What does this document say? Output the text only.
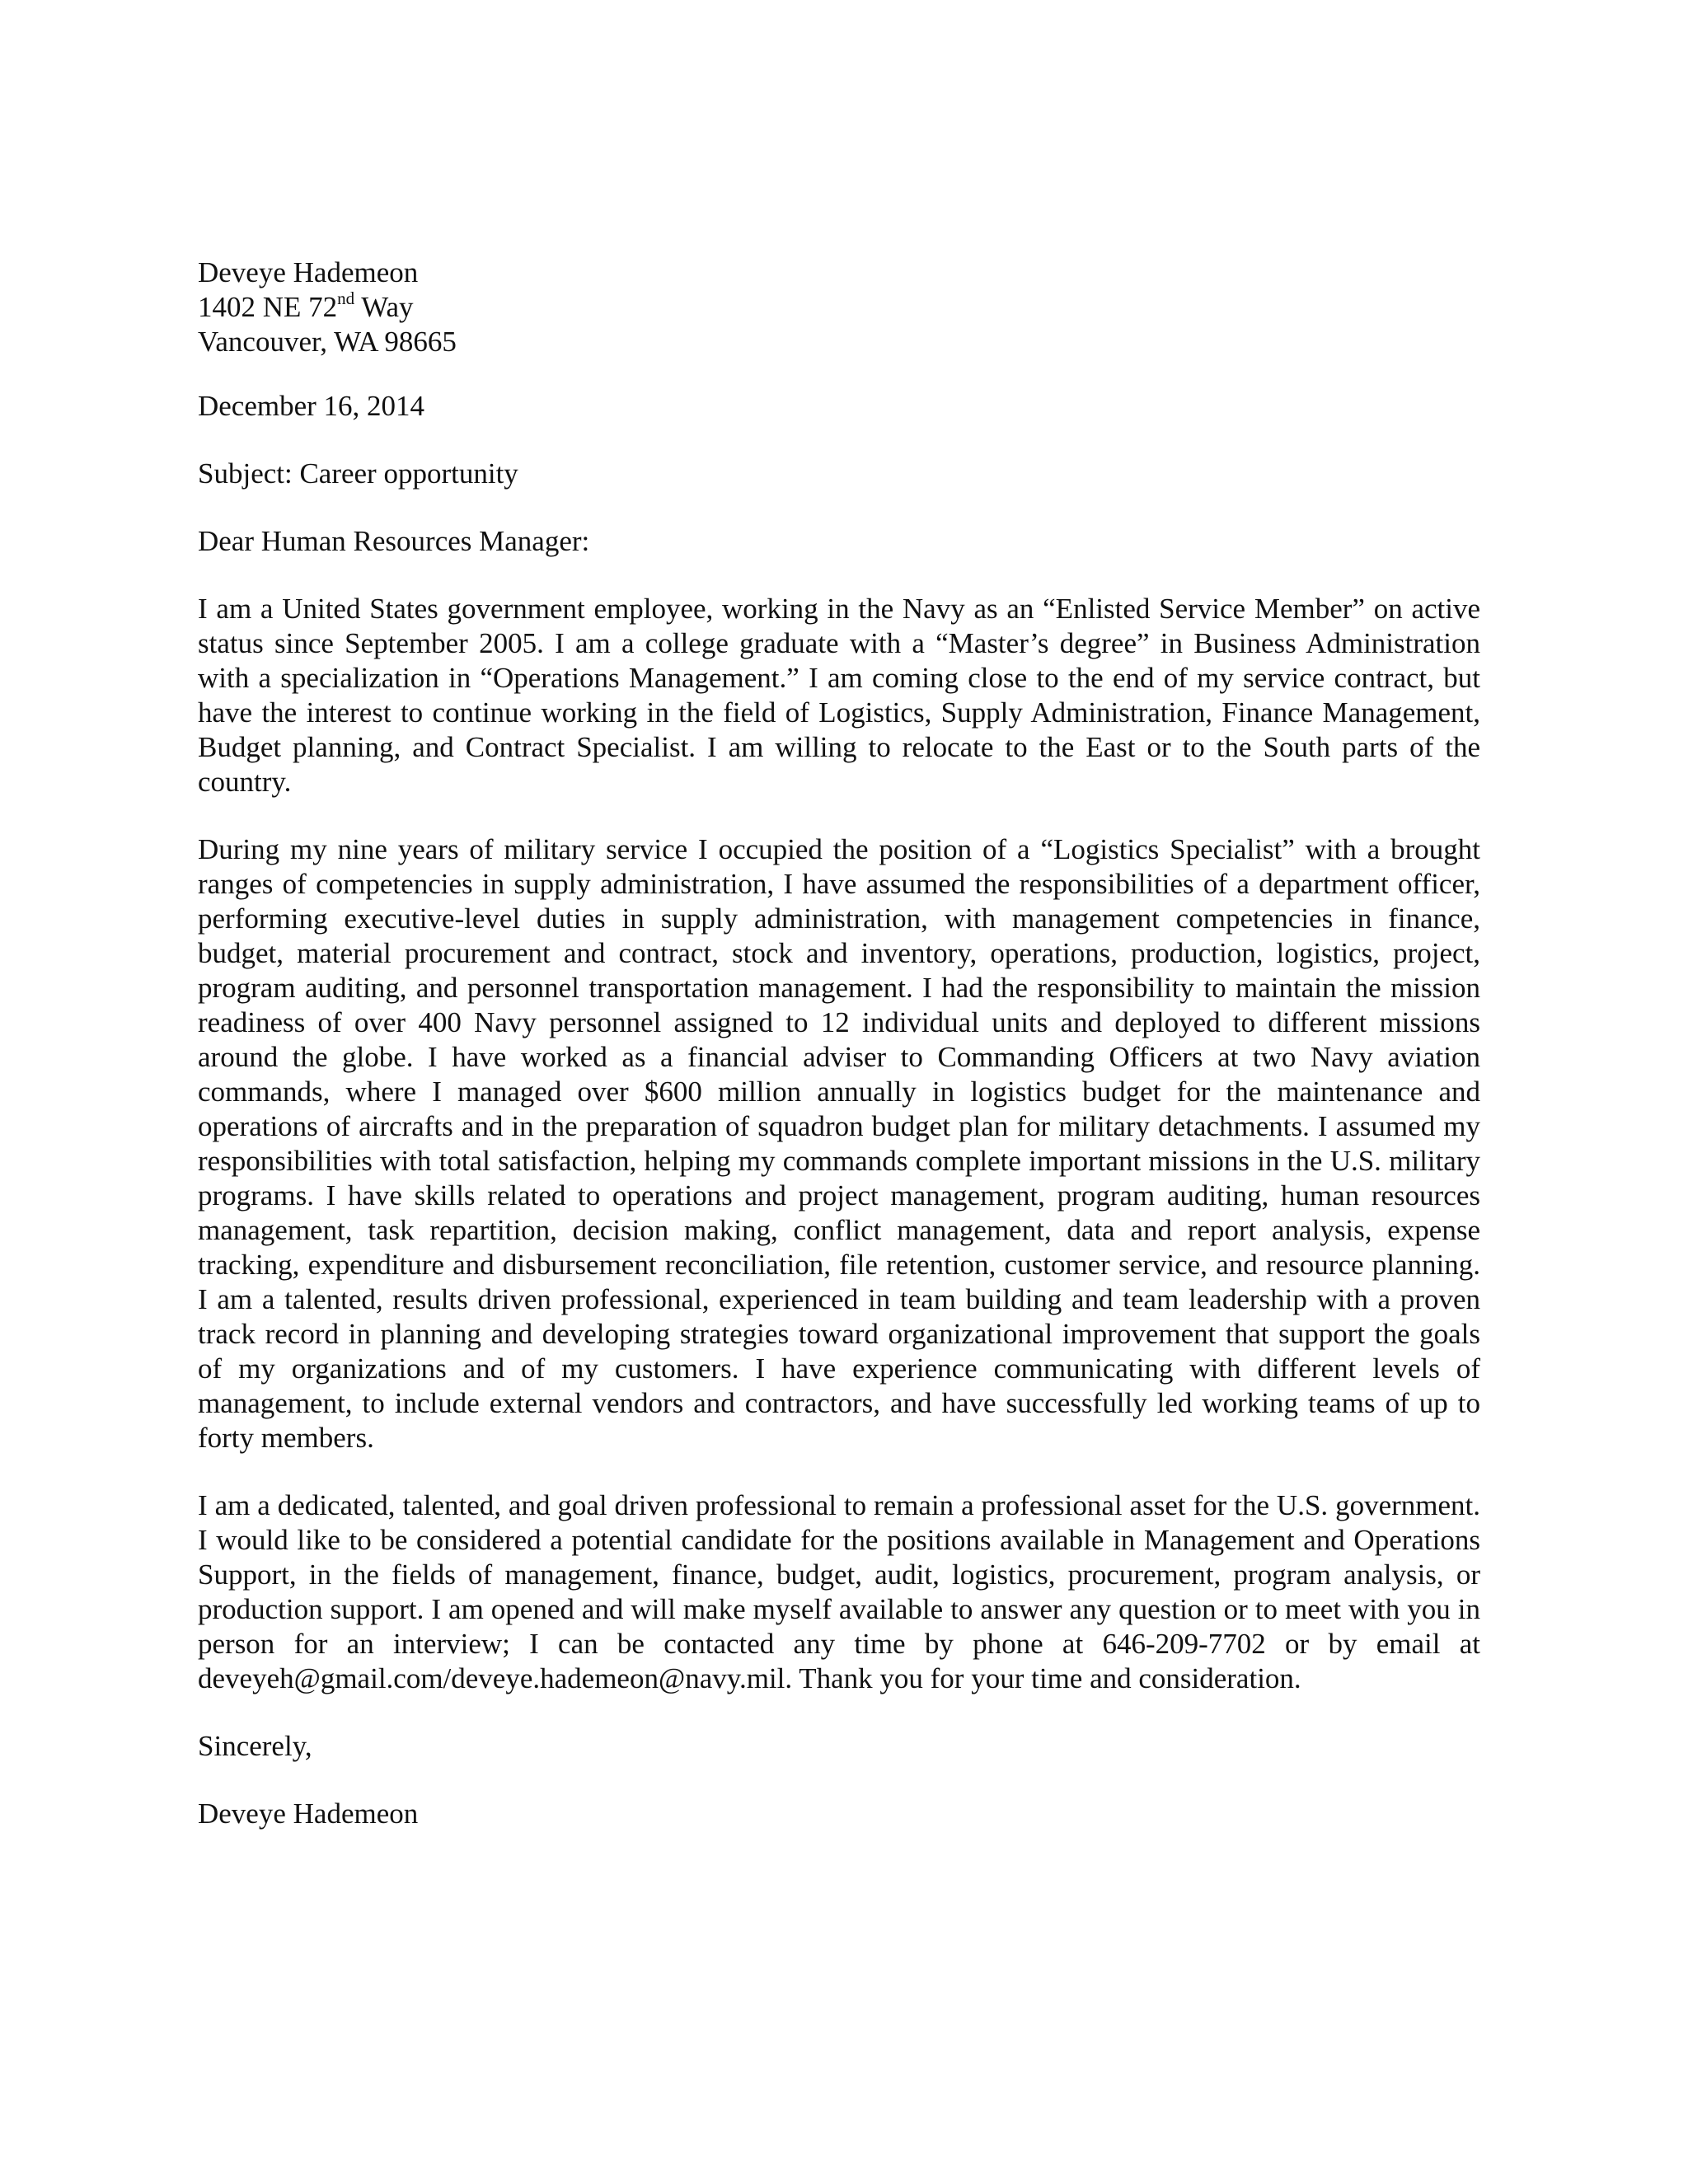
Deveye Hademeon
1402 NE 72nd Way
Vancouver, WA 98665
December 16, 2014
Subject: Career opportunity
Dear Human Resources Manager:

I am a United States government employee, working in the Navy as an “Enlisted Service Member” on active status since September 2005. I am a college graduate with a “Master’s degree” in Business Administration with a specialization in “Operations Management.” I am coming close to the end of my service contract, but have the interest to continue working in the field of Logistics, Supply Administration, Finance Management, Budget planning, and Contract Specialist. I am willing to relocate to the East or to the South parts of the country.

During my nine years of military service I occupied the position of a “Logistics Specialist” with a brought ranges of competencies in supply administration, I have assumed the responsibilities of a department officer, performing executive-level duties in supply administration, with management competencies in finance, budget, material procurement and contract, stock and inventory, operations, production, logistics, project, program auditing, and personnel transportation management. I had the responsibility to maintain the mission readiness of over 400 Navy personnel assigned to 12 individual units and deployed to different missions around the globe. I have worked as a financial adviser to Commanding Officers at two Navy aviation commands, where I managed over $600 million annually in logistics budget for the maintenance and operations of aircrafts and in the preparation of squadron budget plan for military detachments. I assumed my responsibilities with total satisfaction, helping my commands complete important missions in the U.S. military programs. I have skills related to operations and project management, program auditing, human resources management, task repartition, decision making, conflict management, data and report analysis, expense tracking, expenditure and disbursement reconciliation, file retention, customer service, and resource planning. I am a talented, results driven professional, experienced in team building and team leadership with a proven track record in planning and developing strategies toward organizational improvement that support the goals of my organizations and of my customers. I have experience communicating with different levels of management, to include external vendors and contractors, and have successfully led working teams of up to forty members.

I am a dedicated, talented, and goal driven professional to remain a professional asset for the U.S. government. I would like to be considered a potential candidate for the positions available in Management and Operations Support, in the fields of management, finance, budget, audit, logistics, procurement, program analysis, or production support. I am opened and will make myself available to answer any question or to meet with you in person for an interview; I can be contacted any time by phone at 646-209-7702 or by email at deveyeh@gmail.com/deveye.hademeon@navy.mil. Thank you for your time and consideration.

Sincerely,
Deveye Hademeon
